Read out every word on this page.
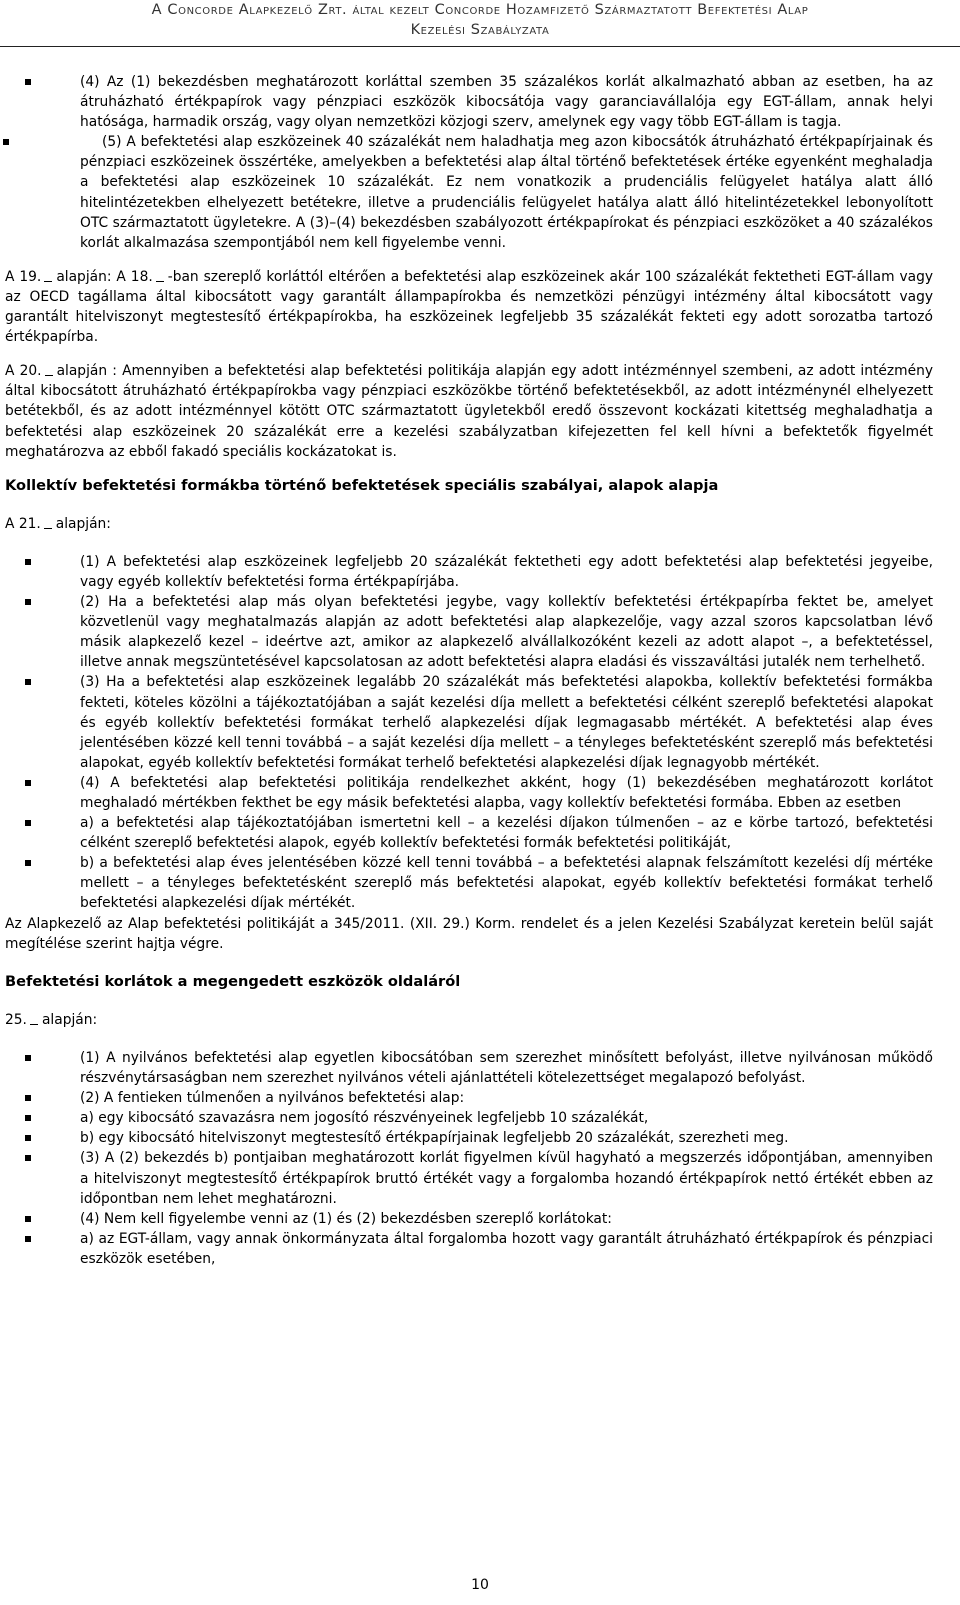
A Concorde Alapkezelő Zrt. által kezelt Concorde Hozamfizető Származtatott Befektetési Alap
Kezelési Szabályzata
(4) Az (1) bekezdésben meghatározott korláttal szemben 35 százalékos korlát alkalmazható abban az esetben, ha az átruházható értékpapírok vagy pénzpiaci eszközök kibocsátója vagy garanciavállalója egy EGT-állam, annak helyi hatósága, harmadik ország, vagy olyan nemzetközi közjogi szerv, amelynek egy vagy több EGT-állam is tagja.
(5) A befektetési alap eszközeinek 40 százalékát nem haladhatja meg azon kibocsátók átruházható értékpapírjainak és pénzpiaci eszközeinek összértéke, amelyekben a befektetési alap által történő befektetések értéke egyenként meghaladja a befektetési alap eszközeinek 10 százalékát. Ez nem vonatkozik a prudenciális felügyelet hatálya alatt álló hitelintézetekben elhelyezett betétekre, illetve a prudenciális felügyelet hatálya alatt álló hitelintézetekkel lebonyolított OTC származtatott ügyletekre. A (3)–(4) bekezdésben szabályozott értékpapírokat és pénzpiaci eszközöket a 40 százalékos korlát alkalmazása szempontjából nem kell figyelembe venni.

A 19. alapján: A 18. -ban szereplő korláttól eltérően a befektetési alap eszközeinek akár 100 százalékát fektetheti EGT-állam vagy az OECD tagállama által kibocsátott vagy garantált állampapírokba és nemzetközi pénzügyi intézmény által kibocsátott vagy garantált hitelviszonyt megtestesítő értékpapírokba, ha eszközeinek legfeljebb 35 százalékát fekteti egy adott sorozatba tartozó értékpapírba.

A 20. alapján : Amennyiben a befektetési alap befektetési politikája alapján egy adott intézménnyel szembeni, az adott intézmény által kibocsátott átruházható értékpapírokba vagy pénzpiaci eszközökbe történő befektetésekből, az adott intézménynél elhelyezett betétekből, és az adott intézménnyel kötött OTC származtatott ügyletekből eredő összevont kockázati kitettség meghaladhatja a befektetési alap eszközeinek 20 százalékát erre a kezelési szabályzatban kifejezetten fel kell hívni a befektetők figyelmét meghatározva az ebből fakadó speciális kockázatokat is.

Kollektív befektetési formákba történő befektetések speciális szabályai, alapok alapja

A 21. alapján:

(1) A befektetési alap eszközeinek legfeljebb 20 százalékát fektetheti egy adott befektetési alap befektetési jegyeibe, vagy egyéb kollektív befektetési forma értékpapírjába.
(2) Ha a befektetési alap más olyan befektetési jegybe, vagy kollektív befektetési értékpapírba fektet be, amelyet közvetlenül vagy meghatalmazás alapján az adott befektetési alap alapkezelője, vagy azzal szoros kapcsolatban lévő másik alapkezelő kezel – ideértve azt, amikor az alapkezelő alvállalkozóként kezeli az adott alapot –, a befektetéssel, illetve annak megszüntetésével kapcsolatosan az adott befektetési alapra eladási és visszaváltási jutalék nem terhelhető.
(3) Ha a befektetési alap eszközeinek legalább 20 százalékát más befektetési alapokba, kollektív befektetési formákba fekteti, köteles közölni a tájékoztatójában a saját kezelési díja mellett a befektetési célként szereplő befektetési alapokat és egyéb kollektív befektetési formákat terhelő alapkezelési díjak legmagasabb mértékét. A befektetési alap éves jelentésében közzé kell tenni továbbá – a saját kezelési díja mellett – a tényleges befektetésként szereplő más befektetési alapokat, egyéb kollektív befektetési formákat terhelő befektetési alapkezelési díjak legnagyobb mértékét.
(4) A befektetési alap befektetési politikája rendelkezhet akként, hogy (1) bekezdésében meghatározott korlátot meghaladó mértékben fekthet be egy másik befektetési alapba, vagy kollektív befektetési formába. Ebben az esetben
a) a befektetési alap tájékoztatójában ismertetni kell – a kezelési díjakon túlmenően – az e körbe tartozó, befektetési célként szereplő befektetési alapok, egyéb kollektív befektetési formák befektetési politikáját,
b) a befektetési alap éves jelentésében közzé kell tenni továbbá – a befektetési alapnak felszámított kezelési díj mértéke mellett – a tényleges befektetésként szereplő más befektetési alapokat, egyéb kollektív befektetési formákat terhelő befektetési alapkezelési díjak mértékét.

Az Alapkezelő az Alap befektetési politikáját a 345/2011. (XII. 29.) Korm. rendelet és a jelen Kezelési Szabályzat keretein belül saját megítélése szerint hajtja végre.

Befektetési korlátok a megengedett eszközök oldaláról

25. alapján:

(1) A nyilvános befektetési alap egyetlen kibocsátóban sem szerezhet minősített befolyást, illetve nyilvánosan működő részvénytársaságban nem szerezhet nyilvános vételi ajánlattételi kötelezettséget megalapozó befolyást.
(2) A fentieken túlmenően a nyilvános befektetési alap:
a) egy kibocsátó szavazásra nem jogosító részvényeinek legfeljebb 10 százalékát,
b) egy kibocsátó hitelviszonyt megtestesítő értékpapírjainak legfeljebb 20 százalékát, szerezheti meg.
(3) A (2) bekezdés b) pontjaiban meghatározott korlát figyelmen kívül hagyható a megszerzés időpontjában, amennyiben a hitelviszonyt megtestesítő értékpapírok bruttó értékét vagy a forgalomba hozandó értékpapírok nettó értékét ebben az időpontban nem lehet meghatározni.
(4) Nem kell figyelembe venni az (1) és (2) bekezdésben szereplő korlátokat:
a) az EGT-állam, vagy annak önkormányzata által forgalomba hozott vagy garantált átruházható értékpapírok és pénzpiaci eszközök esetében,
10
